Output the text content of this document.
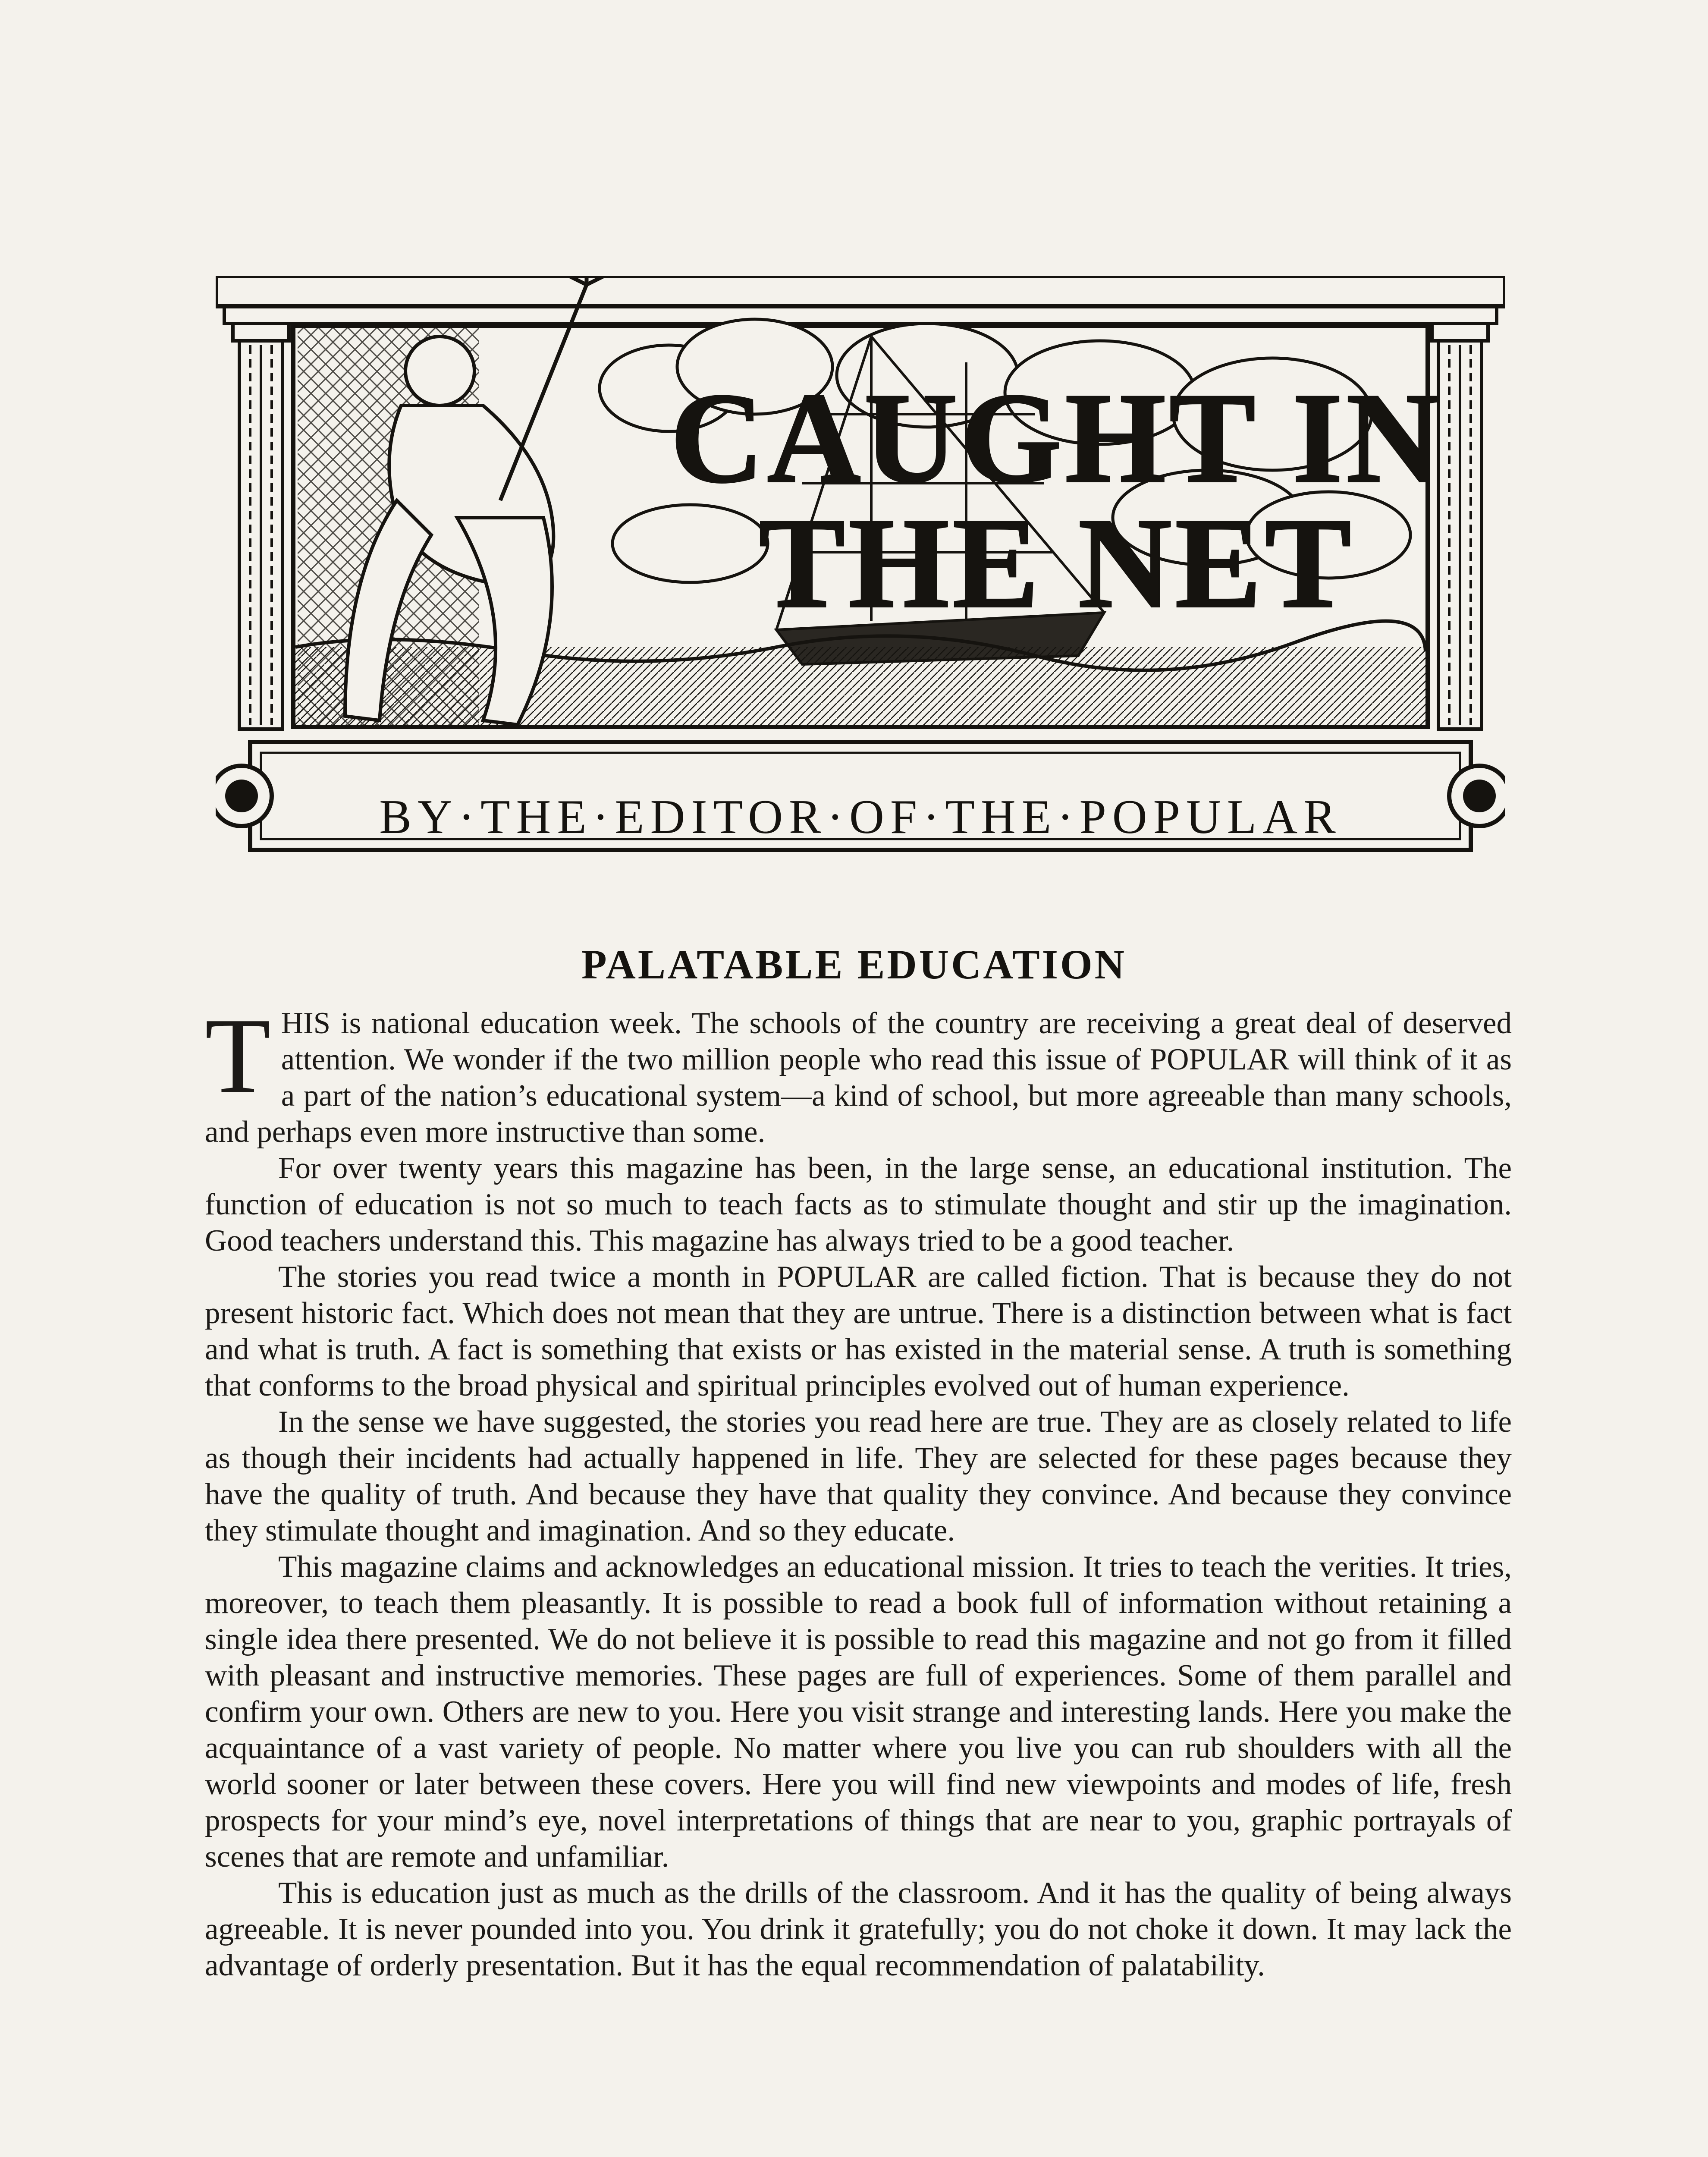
CAUGHT IN
THE NET

BY·THE·EDITOR·OF·THE·POPULAR

PALATABLE EDUCATION

THIS is national education week. The schools of the country are receiving a great deal of deserved attention. We wonder if the two million people who read this issue of POPULAR will think of it as a part of the nation’s educational system—a kind of school, but more agreeable than many schools, and perhaps even more instructive than some.

For over twenty years this magazine has been, in the large sense, an educational institution. The function of education is not so much to teach facts as to stimulate thought and stir up the imagination. Good teachers understand this. This magazine has always tried to be a good teacher.

The stories you read twice a month in POPULAR are called fiction. That is because they do not present historic fact. Which does not mean that they are untrue. There is a distinction between what is fact and what is truth. A fact is something that exists or has existed in the material sense. A truth is something that conforms to the broad physical and spiritual principles evolved out of human experience.

In the sense we have suggested, the stories you read here are true. They are as closely related to life as though their incidents had actually happened in life. They are selected for these pages because they have the quality of truth. And because they have that quality they convince. And because they convince they stimulate thought and imagination. And so they educate.

This magazine claims and acknowledges an educational mission. It tries to teach the verities. It tries, moreover, to teach them pleasantly. It is possible to read a book full of information without retaining a single idea there presented. We do not believe it is possible to read this magazine and not go from it filled with pleasant and instructive memories. These pages are full of experiences. Some of them parallel and confirm your own. Others are new to you. Here you visit strange and interesting lands. Here you make the acquaintance of a vast variety of people. No matter where you live you can rub shoulders with all the world sooner or later between these covers. Here you will find new viewpoints and modes of life, fresh prospects for your mind’s eye, novel interpretations of things that are near to you, graphic portrayals of scenes that are remote and unfamiliar.

This is education just as much as the drills of the classroom. And it has the quality of being always agreeable. It is never pounded into you. You drink it gratefully; you do not choke it down. It may lack the advantage of orderly presentation. But it has the equal recommendation of palatability.
